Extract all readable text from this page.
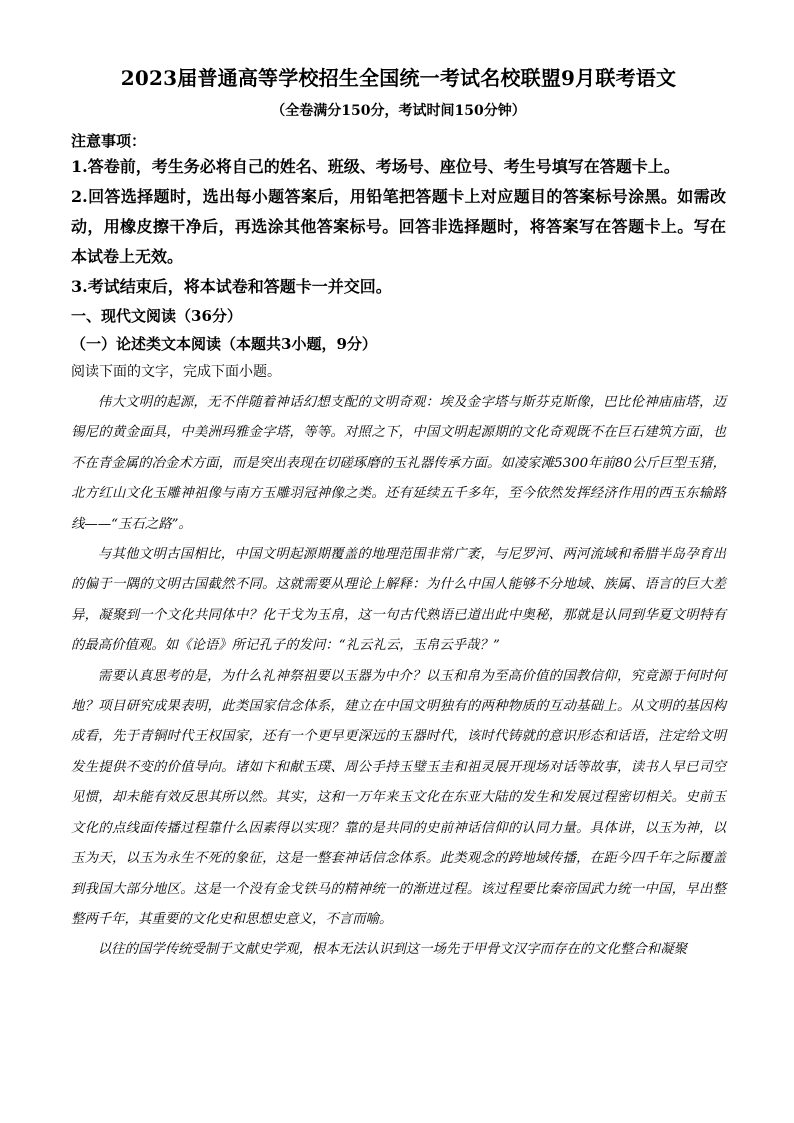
2023届普通高等学校招生全国统一考试名校联盟9月联考语文
（全卷满分150分，考试时间150分钟）
注意事项：

1.答卷前，考生务必将自己的姓名、班级、考场号、座位号、考生号填写在答题卡上。

2.回答选择题时，选出每小题答案后，用铅笔把答题卡上对应题目的答案标号涂黑。如需改动，用橡皮擦干净后，再选涂其他答案标号。回答非选择题时，将答案写在答题卡上。写在本试卷上无效。

3.考试结束后，将本试卷和答题卡一并交回。

一、现代文阅读（36分）
（一）论述类文本阅读（本题共3小题，9分）
阅读下面的文字，完成下面小题。

伟大文明的起源，无不伴随着神话幻想支配的文明奇观：埃及金字塔与斯芬克斯像，巴比伦神庙庙塔，迈锡尼的黄金面具，中美洲玛雅金字塔，等等。对照之下，中国文明起源期的文化奇观既不在巨石建筑方面，也不在青金属的冶金术方面，而是突出表现在切磋琢磨的玉礼器传承方面。如凌家滩5300年前80公斤巨型玉猪，北方红山文化玉雕神祖像与南方玉雕羽冠神像之类。还有延续五千多年，至今依然发挥经济作用的西玉东输路线——“玉石之路”。

与其他文明古国相比，中国文明起源期覆盖的地理范围非常广袤，与尼罗河、两河流域和希腊半岛孕育出的偏于一隅的文明古国截然不同。这就需要从理论上解释：为什么中国人能够不分地域、族属、语言的巨大差异，凝聚到一个文化共同体中？化干戈为玉帛，这一句古代熟语已道出此中奥秘，那就是认同到华夏文明特有的最高价值观。如《论语》所记孔子的发问：“礼云礼云，玉帛云乎哉？”

需要认真思考的是，为什么礼神祭祖要以玉器为中介？以玉和帛为至高价值的国教信仰，究竟源于何时何地？项目研究成果表明，此类国家信念体系，建立在中国文明独有的两种物质的互动基础上。从文明的基因构成看，先于青铜时代王权国家，还有一个更早更深远的玉器时代，该时代铸就的意识形态和话语，注定给文明发生提供不变的价值导向。诸如卞和献玉璞、周公手持玉璧玉圭和祖灵展开现场对话等故事，读书人早已司空见惯，却未能有效反思其所以然。其实，这和一万年来玉文化在东亚大陆的发生和发展过程密切相关。史前玉文化的点线面传播过程靠什么因素得以实现？靠的是共同的史前神话信仰的认同力量。具体讲，以玉为神，以玉为天，以玉为永生不死的象征，这是一整套神话信念体系。此类观念的跨地域传播，在距今四千年之际覆盖到我国大部分地区。这是一个没有金戈铁马的精神统一的渐进过程。该过程要比秦帝国武力统一中国，早出整整两千年，其重要的文化史和思想史意义，不言而喻。

以往的国学传统受制于文献史学观，根本无法认识到这一场先于甲骨文汉字而存在的文化整合和凝聚
